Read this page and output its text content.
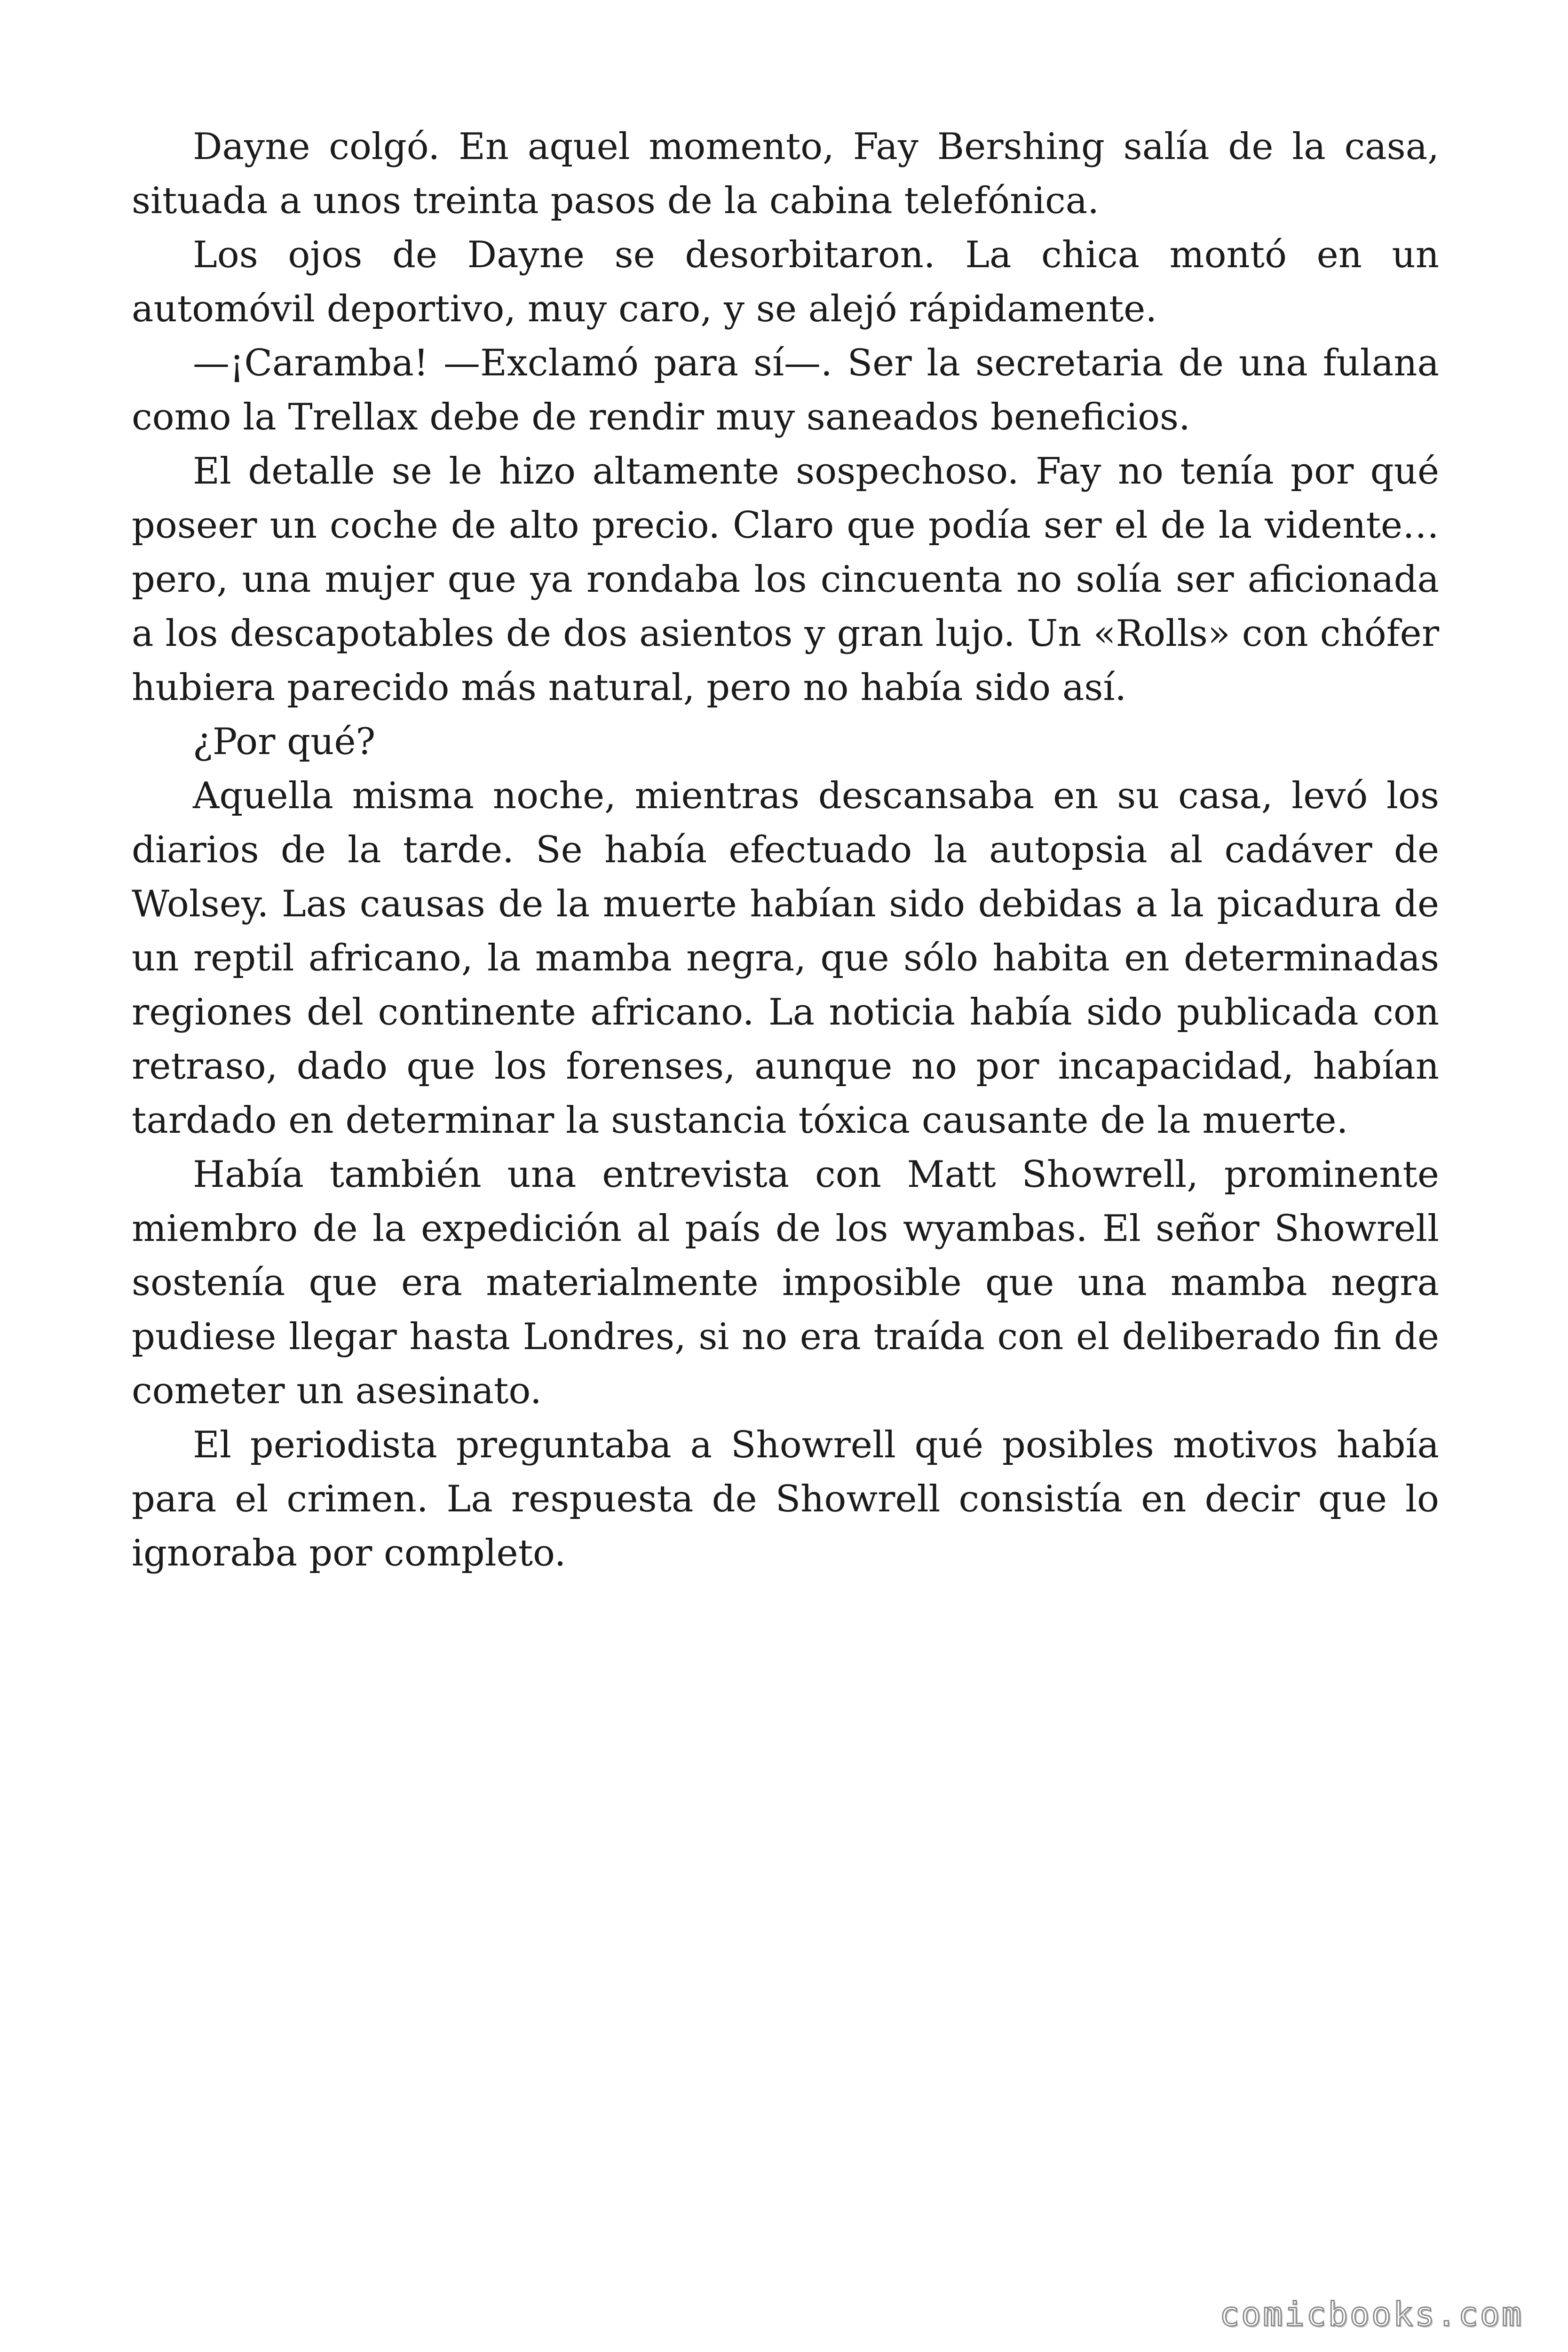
Dayne colgó. En aquel momento, Fay Bershing salía de la casa, situada a unos treinta pasos de la cabina telefónica.

Los ojos de Dayne se desorbitaron. La chica montó en un automóvil deportivo, muy caro, y se alejó rápidamente.

—¡Caramba! —Exclamó para sí—. Ser la secretaria de una fulana como la Trellax debe de rendir muy saneados beneficios.

El detalle se le hizo altamente sospechoso. Fay no tenía por qué poseer un coche de alto precio. Claro que podía ser el de la vidente… pero, una mujer que ya rondaba los cincuenta no solía ser aficionada a los descapotables de dos asientos y gran lujo. Un «Rolls» con chófer hubiera parecido más natural, pero no había sido así.

¿Por qué?

Aquella misma noche, mientras descansaba en su casa, levó los diarios de la tarde. Se había efectuado la autopsia al cadáver de Wolsey. Las causas de la muerte habían sido debidas a la picadura de un reptil africano, la mamba negra, que sólo habita en determinadas regiones del continente africano. La noticia había sido publicada con retraso, dado que los forenses, aunque no por incapacidad, habían tardado en determinar la sustancia tóxica causante de la muerte.

Había también una entrevista con Matt Showrell, prominente miembro de la expedición al país de los wyambas. El señor Showrell sostenía que era materialmente imposible que una mamba negra pudiese llegar hasta Londres, si no era traída con el deliberado fin de cometer un asesinato.

El periodista preguntaba a Showrell qué posibles motivos había para el crimen. La respuesta de Showrell consistía en decir que lo ignoraba por completo.

comicbooks.com
